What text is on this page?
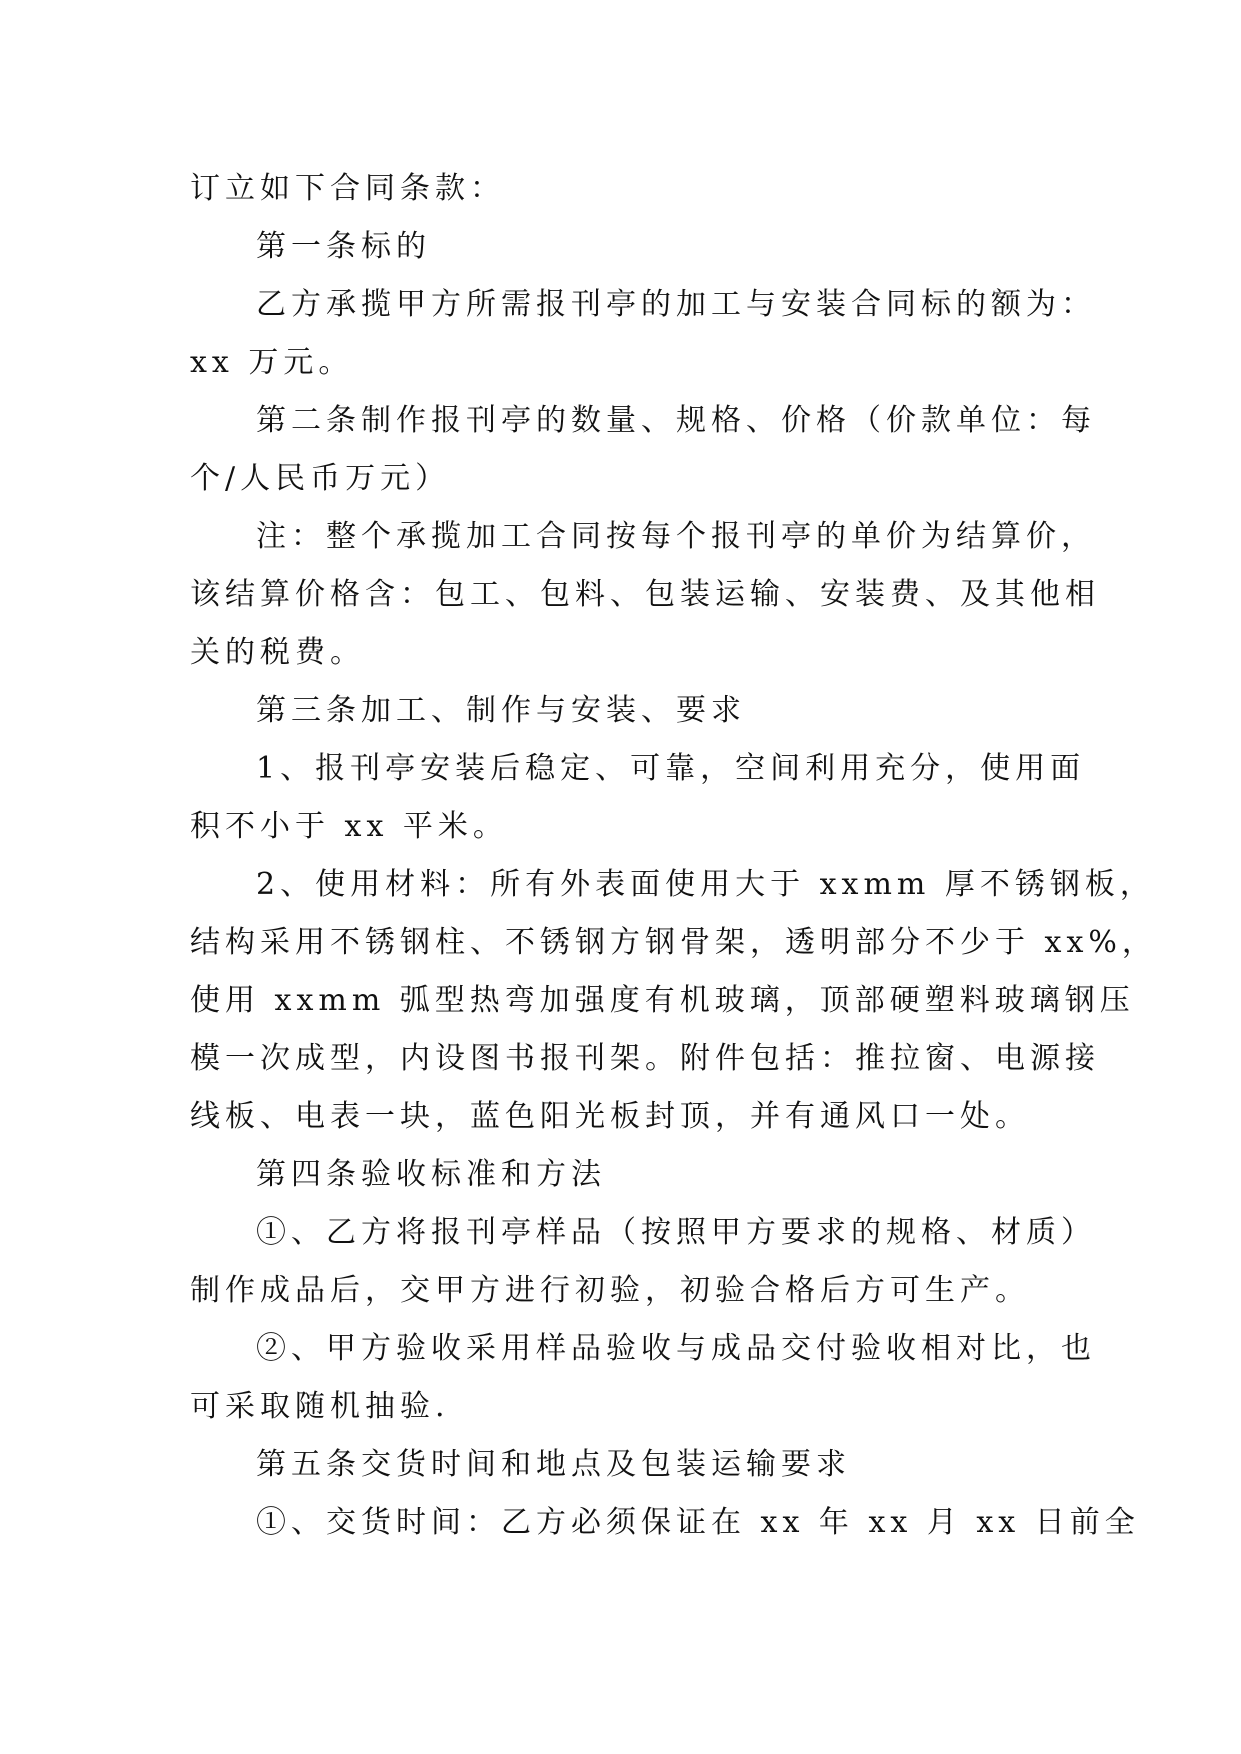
订立如下合同条款：
第一条标的
乙方承揽甲方所需报刊亭的加工与安装合同标的额为：
xx 万元。
第二条制作报刊亭的数量、规格、价格（价款单位：每
个/人民币万元）
注：整个承揽加工合同按每个报刊亭的单价为结算价，
该结算价格含：包工、包料、包装运输、安装费、及其他相
关的税费。
第三条加工、制作与安装、要求
1、报刊亭安装后稳定、可靠，空间利用充分，使用面
积不小于 xx 平米。
2、使用材料：所有外表面使用大于 xxmm 厚不锈钢板，
结构采用不锈钢柱、不锈钢方钢骨架，透明部分不少于 xx%，
使用 xxmm 弧型热弯加强度有机玻璃，顶部硬塑料玻璃钢压
模一次成型，内设图书报刊架。附件包括：推拉窗、电源接
线板、电表一块，蓝色阳光板封顶，并有通风口一处。
第四条验收标准和方法
①、乙方将报刊亭样品（按照甲方要求的规格、材质）
制作成品后，交甲方进行初验，初验合格后方可生产。
②、甲方验收采用样品验收与成品交付验收相对比，也
可采取随机抽验.
第五条交货时间和地点及包装运输要求
①、交货时间：乙方必须保证在 xx 年 xx 月 xx 日前全
